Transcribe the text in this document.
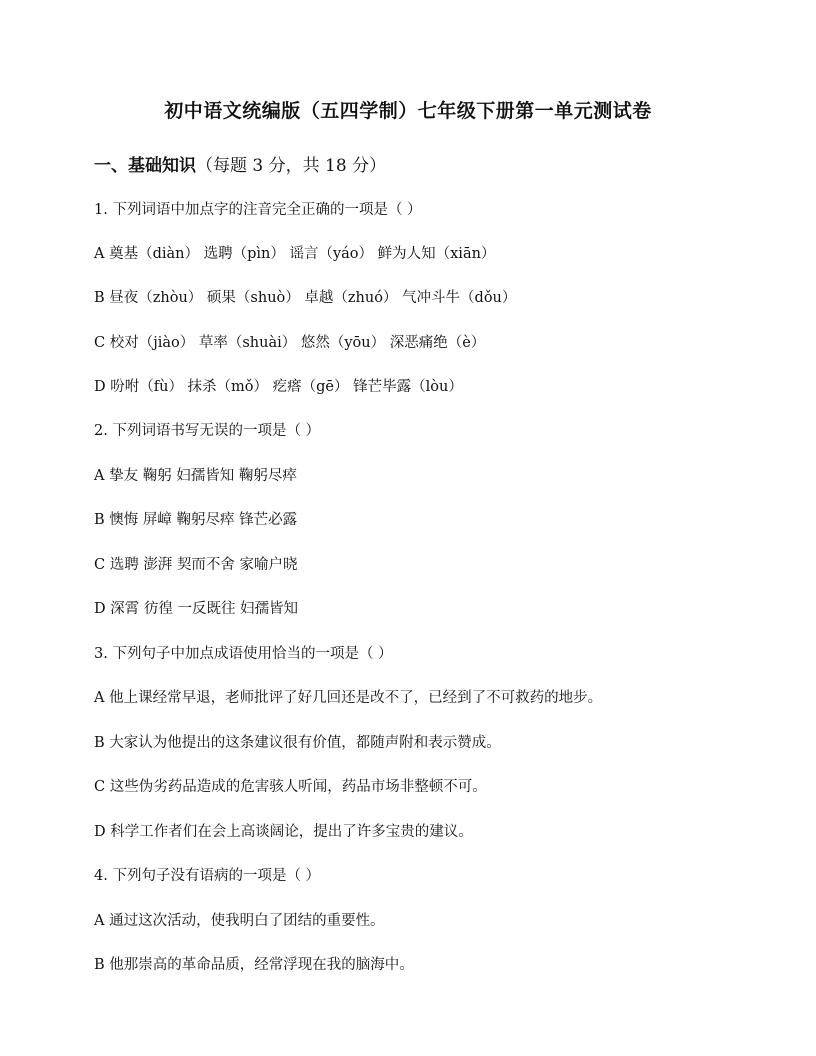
初中语文统编版（五四学制）七年级下册第一单元测试卷
一、基础知识（每题 3 分，共 18 分）
1. 下列词语中加点字的注音完全正确的一项是（ ）
A 奠基（diàn） 选聘（pìn） 谣言（yáo） 鲜为人知（xiān）
B 昼夜（zhòu） 硕果（shuò） 卓越（zhuó） 气冲斗牛（dǒu）
C 校对（jiào） 草率（shuài） 悠然（yōu） 深恶痛绝（è）
D 吩咐（fù） 抹杀（mǒ） 疙瘩（gē） 锋芒毕露（lòu）
2. 下列词语书写无误的一项是（ ）
A 挚友 鞠躬 妇孺皆知 鞠躬尽瘁
B 懊悔 屏嶂 鞠躬尽瘁 锋芒必露
C 选聘 澎湃 契而不舍 家喻户晓
D 深霄 彷徨 一反既往 妇孺皆知
3. 下列句子中加点成语使用恰当的一项是（ ）
A 他上课经常早退，老师批评了好几回还是改不了，已经到了不可救药的地步。
B 大家认为他提出的这条建议很有价值，都随声附和表示赞成。
C 这些伪劣药品造成的危害骇人听闻，药品市场非整顿不可。
D 科学工作者们在会上高谈阔论，提出了许多宝贵的建议。
4. 下列句子没有语病的一项是（ ）
A 通过这次活动，使我明白了团结的重要性。
B 他那崇高的革命品质，经常浮现在我的脑海中。
